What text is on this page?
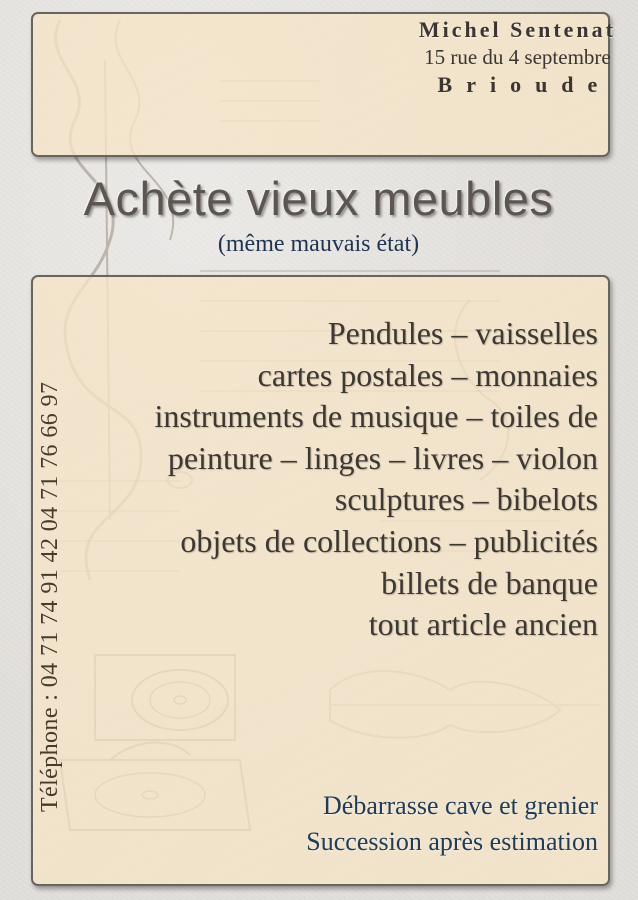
Michel Sentenat
15 rue du 4 septembre
Brioude
Achète vieux meubles
(même mauvais état)
Téléphone : 04 71 74 91 42 04 71 76 66 97
Pendules – vaisselles
cartes postales – monnaies
instruments de musique – toiles de
peinture – linges – livres – violon
sculptures – bibelots
objets de collections – publicités
billets de banque
tout article ancien
Débarrasse cave et grenier
Succession après estimation
